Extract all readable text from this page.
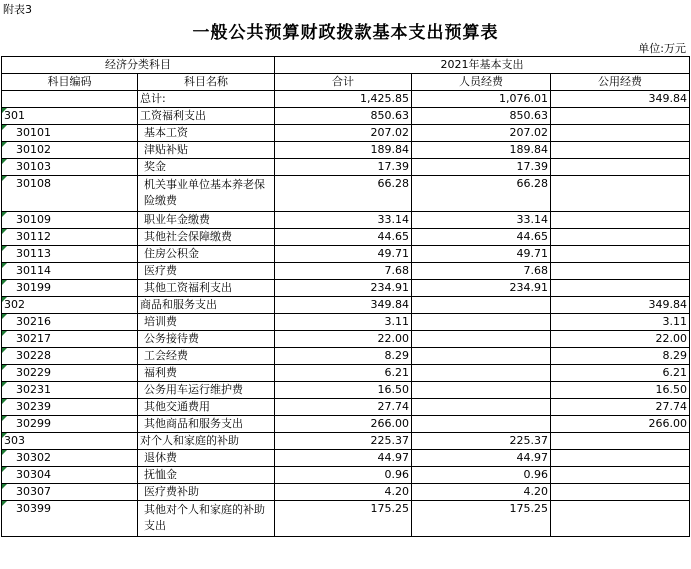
附表3
一般公共预算财政拨款基本支出预算表
单位:万元
经济分类科目		2021年基本支出		
科目编码	科目名称	合计	人员经费	公用经费
	总计:	1,425.85	1,076.01	349.84

301	工资福利支出	850.63	850.63	

30101	基本工资	207.02	207.02	

30102	津贴补贴	189.84	189.84	

30103	奖金	17.39	17.39	

30108	机关事业单位基本养老保险缴费	66.28	66.28	

30109	职业年金缴费	33.14	33.14	

30112	其他社会保障缴费	44.65	44.65	

30113	住房公积金	49.71	49.71	

30114	医疗费	7.68	7.68	

30199	其他工资福利支出	234.91	234.91	

302	商品和服务支出	349.84		349.84

30216	培训费	3.11		3.11

30217	公务接待费	22.00		22.00

30228	工会经费	8.29		8.29

30229	福利费	6.21		6.21

30231	公务用车运行维护费	16.50		16.50

30239	其他交通费用	27.74		27.74

30299	其他商品和服务支出	266.00		266.00

303	对个人和家庭的补助	225.37	225.37	

30302	退休费	44.97	44.97	

30304	抚恤金	0.96	0.96	

30307	医疗费补助	4.20	4.20	

30399	其他对个人和家庭的补助支出	175.25	175.25	
